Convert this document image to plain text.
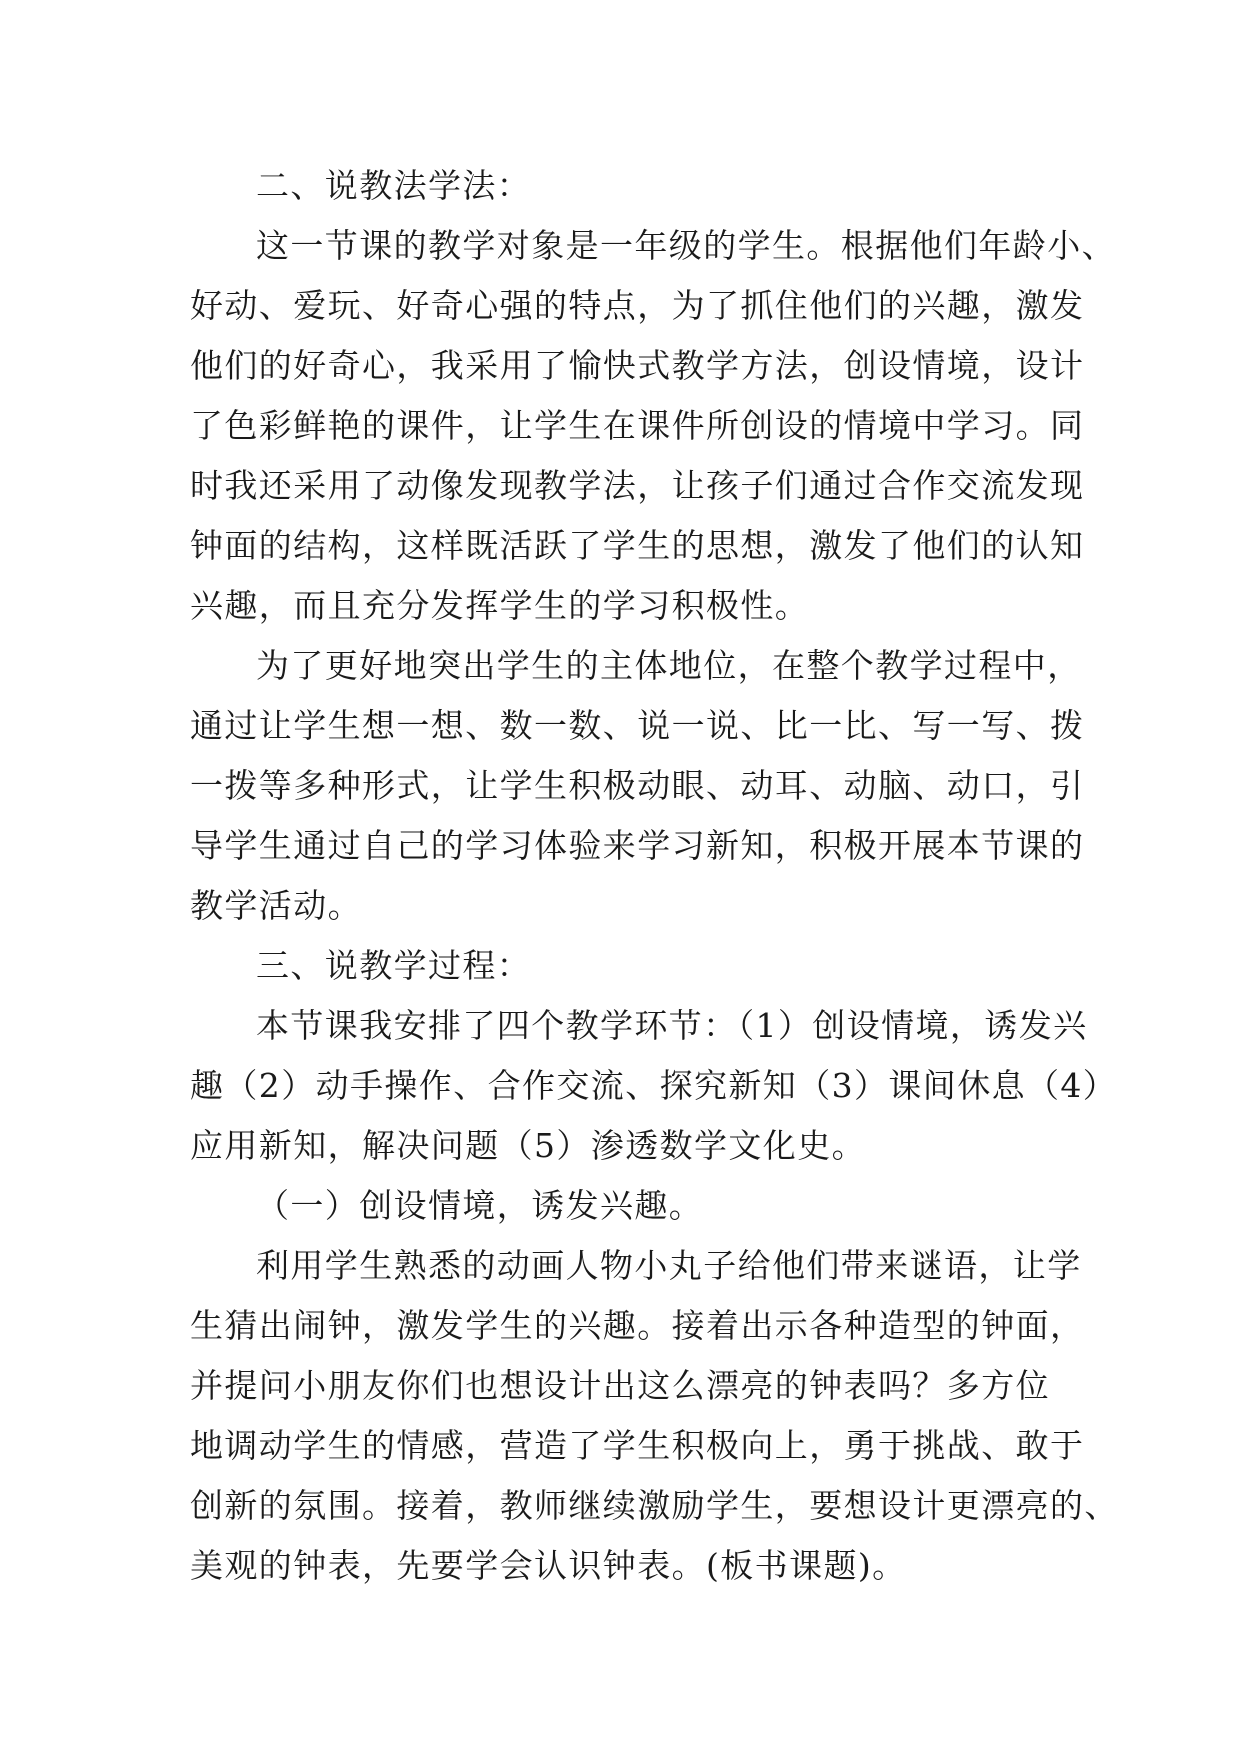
二、说教法学法：
这一节课的教学对象是一年级的学生。根据他们年龄小、
好动、爱玩、好奇心强的特点，为了抓住他们的兴趣，激发
他们的好奇心，我采用了愉快式教学方法，创设情境，设计
了色彩鲜艳的课件，让学生在课件所创设的情境中学习。同
时我还采用了动像发现教学法，让孩子们通过合作交流发现
钟面的结构，这样既活跃了学生的思想，激发了他们的认知
兴趣，而且充分发挥学生的学习积极性。
为了更好地突出学生的主体地位，在整个教学过程中，
通过让学生想一想、数一数、说一说、比一比、写一写、拨
一拨等多种形式，让学生积极动眼、动耳、动脑、动口，引
导学生通过自己的学习体验来学习新知，积极开展本节课的
教学活动。
三、说教学过程：
本节课我安排了四个教学环节：（1）创设情境，诱发兴
趣（2）动手操作、合作交流、探究新知（3）课间休息（4）
应用新知，解决问题（5）渗透数学文化史。
（一）创设情境，诱发兴趣。
利用学生熟悉的动画人物小丸子给他们带来谜语，让学
生猜出闹钟，激发学生的兴趣。接着出示各种造型的钟面，
并提问小朋友你们也想设计出这么漂亮的钟表吗？多方位
地调动学生的情感，营造了学生积极向上，勇于挑战、敢于
创新的氛围。接着，教师继续激励学生，要想设计更漂亮的、
美观的钟表，先要学会认识钟表。(板书课题)。
